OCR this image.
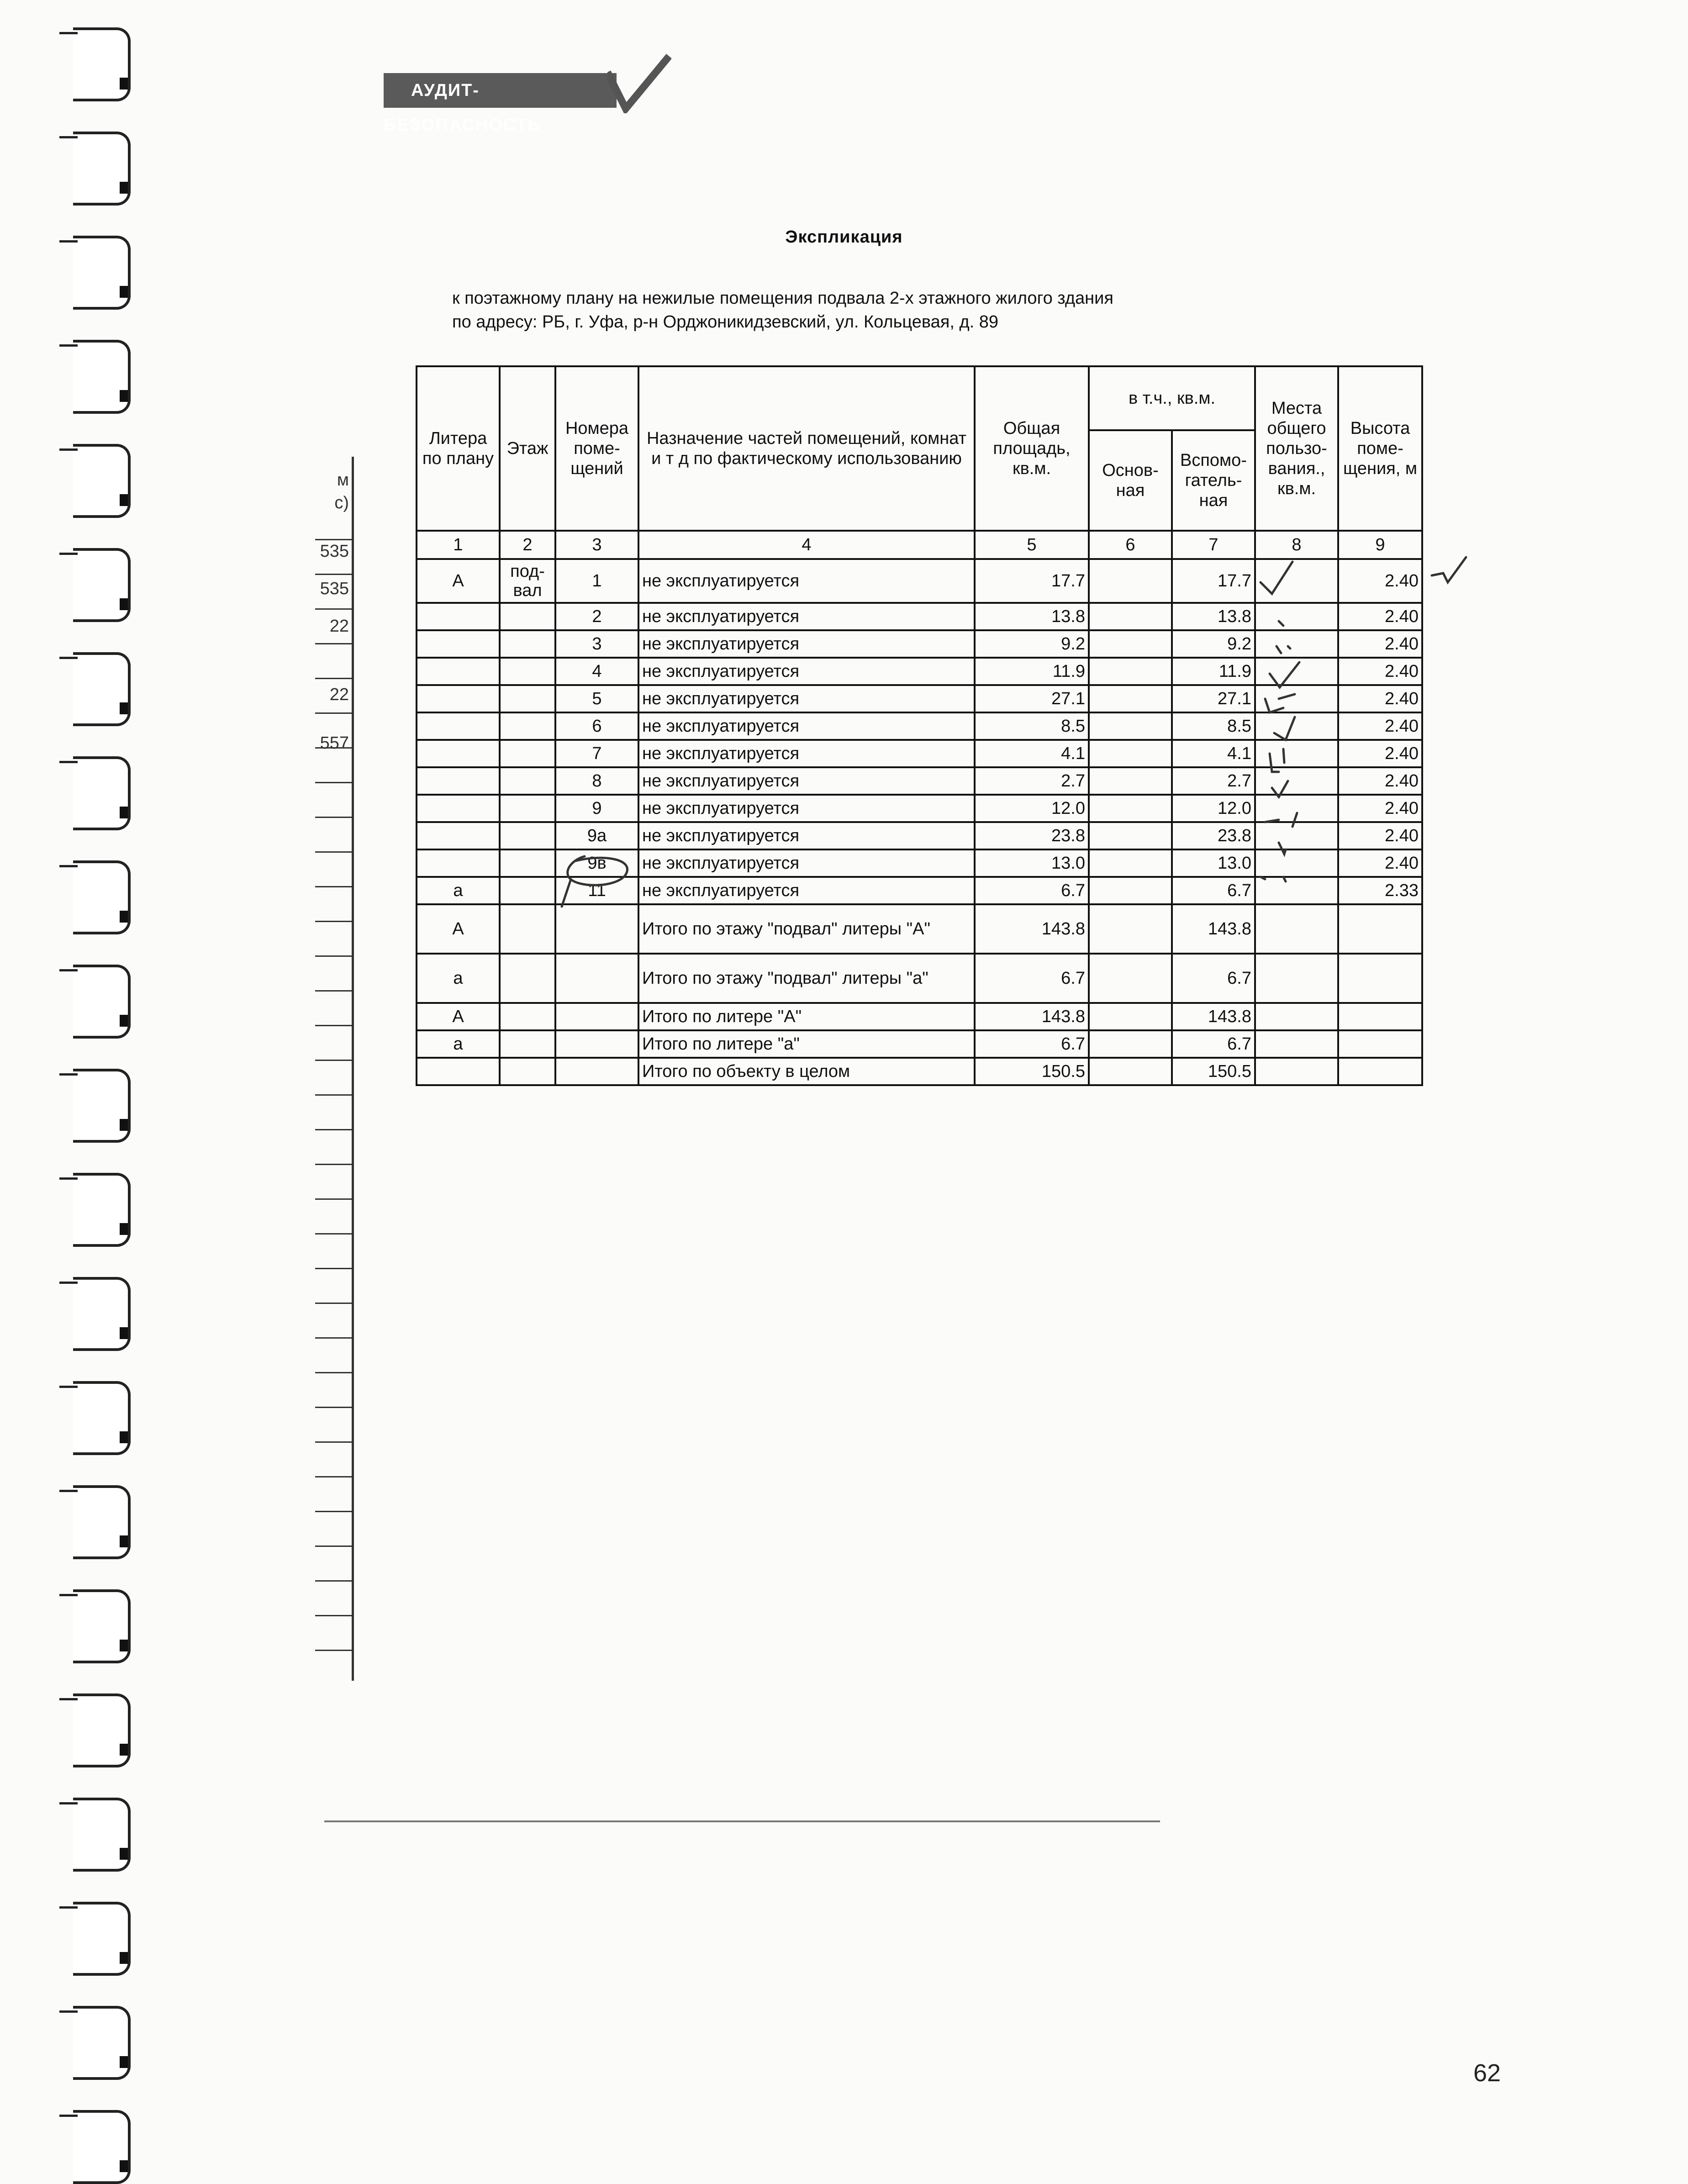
м
с)
535
535
22
22
557
АУДИТ-БЕЗОПАСНОСТЬ
Экспликация
к поэтажному плану на нежилые помещения подвала 2-х этажного жилого здания
по адресу: РБ, г. Уфа, р-н Орджоникидзевский, ул. Кольцевая, д. 89
Литера по плану	Этаж	Номера поме-щений	Назначение частей помещений, комнат и т д по фактическому использованию	Общая площадь, кв.м.	в т.ч., кв.м.		Места общего пользо-вания., кв.м.	Высота поме-щения, м
					Основ-ная	Вспомо-гатель-ная		
1	2	3	4	5	6	7	8	9
А	под-вал	1	не эксплуатируется	17.7		17.7		2.40
		2	не эксплуатируется	13.8		13.8		2.40
		3	не эксплуатируется	9.2		9.2		2.40
		4	не эксплуатируется	11.9		11.9		2.40
		5	не эксплуатируется	27.1		27.1		2.40
		6	не эксплуатируется	8.5		8.5		2.40
		7	не эксплуатируется	4.1		4.1		2.40
		8	не эксплуатируется	2.7		2.7		2.40
		9	не эксплуатируется	12.0		12.0		2.40
		9а	не эксплуатируется	23.8		23.8		2.40
		9в	не эксплуатируется	13.0		13.0		2.40
а		11	не эксплуатируется	6.7		6.7		2.33
А			Итого по этажу "подвал" литеры "А"	143.8		143.8		
а			Итого по этажу "подвал" литеры "а"	6.7		6.7		
А			Итого по литере "А"	143.8		143.8		
а			Итого по литере "а"	6.7		6.7		
			Итого по объекту в целом	150.5		150.5		
62
